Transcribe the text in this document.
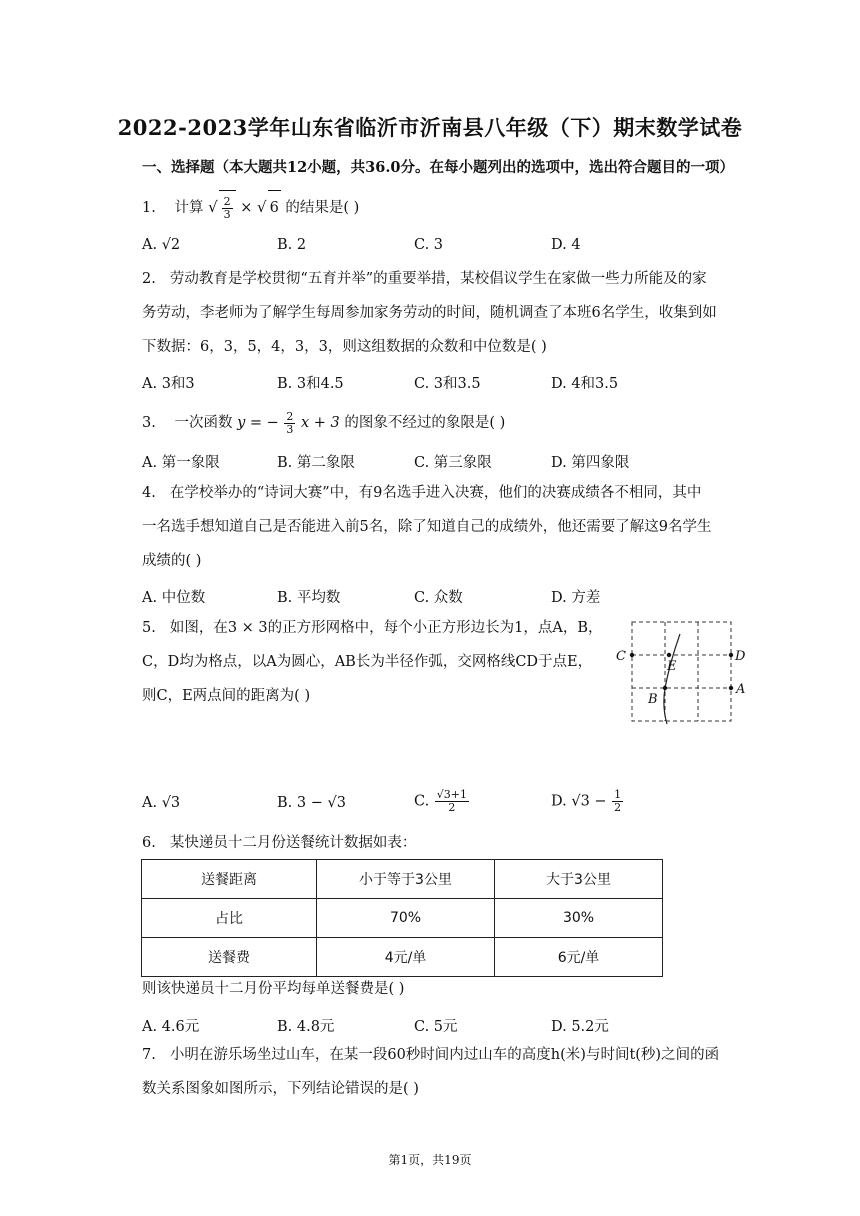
2022-2023学年山东省临沂市沂南县八年级（下）期末数学试卷
一、选择题（本大题共12小题，共36.0分。在每小题列出的选项中，选出符合题目的一项）
1. 计算 √ $\frac{2}{3}$ × √ 6 的结果是( )
A. √2	B. 2	C. 3	D. 4
2. 劳动教育是学校贯彻“五育并举”的重要举措，某校倡议学生在家做一些力所能及的家
务劳动，李老师为了解学生每周参加家务劳动的时间，随机调查了本班6名学生，收集到如
下数据：6，3，5，4，3，3，则这组数据的众数和中位数是( )
A. 3和3	B. 3和4.5	C. 3和3.5	D. 4和3.5
3. 一次函数 y = − $\frac{2}{3}$ x + 3 的图象不经过的象限是( )
A. 第一象限	B. 第二象限	C. 第三象限	D. 第四象限
4. 在学校举办的“诗词大赛”中，有9名选手进入决赛，他们的决赛成绩各不相同，其中
一名选手想知道自己是否能进入前5名，除了知道自己的成绩外，他还需要了解这9名学生
成绩的( )
A. 中位数	B. 平均数	C. 众数	D. 方差
5. 如图，在3 × 3的正方形网格中，每个小正方形边长为1，点A，B，
C，D均为格点，以A为圆心，AB长为半径作弧，交网格线CD于点E，
则C，E两点间的距离为( )
C
E
D
A
B
A. √3	B. 3 − √3	C. $\frac{√3+1}{2}$	D. $√3 - \frac{1}{2}$
6. 某快递员十二月份送餐统计数据如表：
送餐距离	小于等于3公里	大于3公里
占比	70%	30%
送餐费	4元/单	6元/单
则该快递员十二月份平均每单送餐费是( )
A. 4.6元	B. 4.8元	C. 5元	D. 5.2元
7. 小明在游乐场坐过山车，在某一段60秒时间内过山车的高度h(米)与时间t(秒)之间的函
数关系图象如图所示，下列结论错误的是( )
第1页，共19页
